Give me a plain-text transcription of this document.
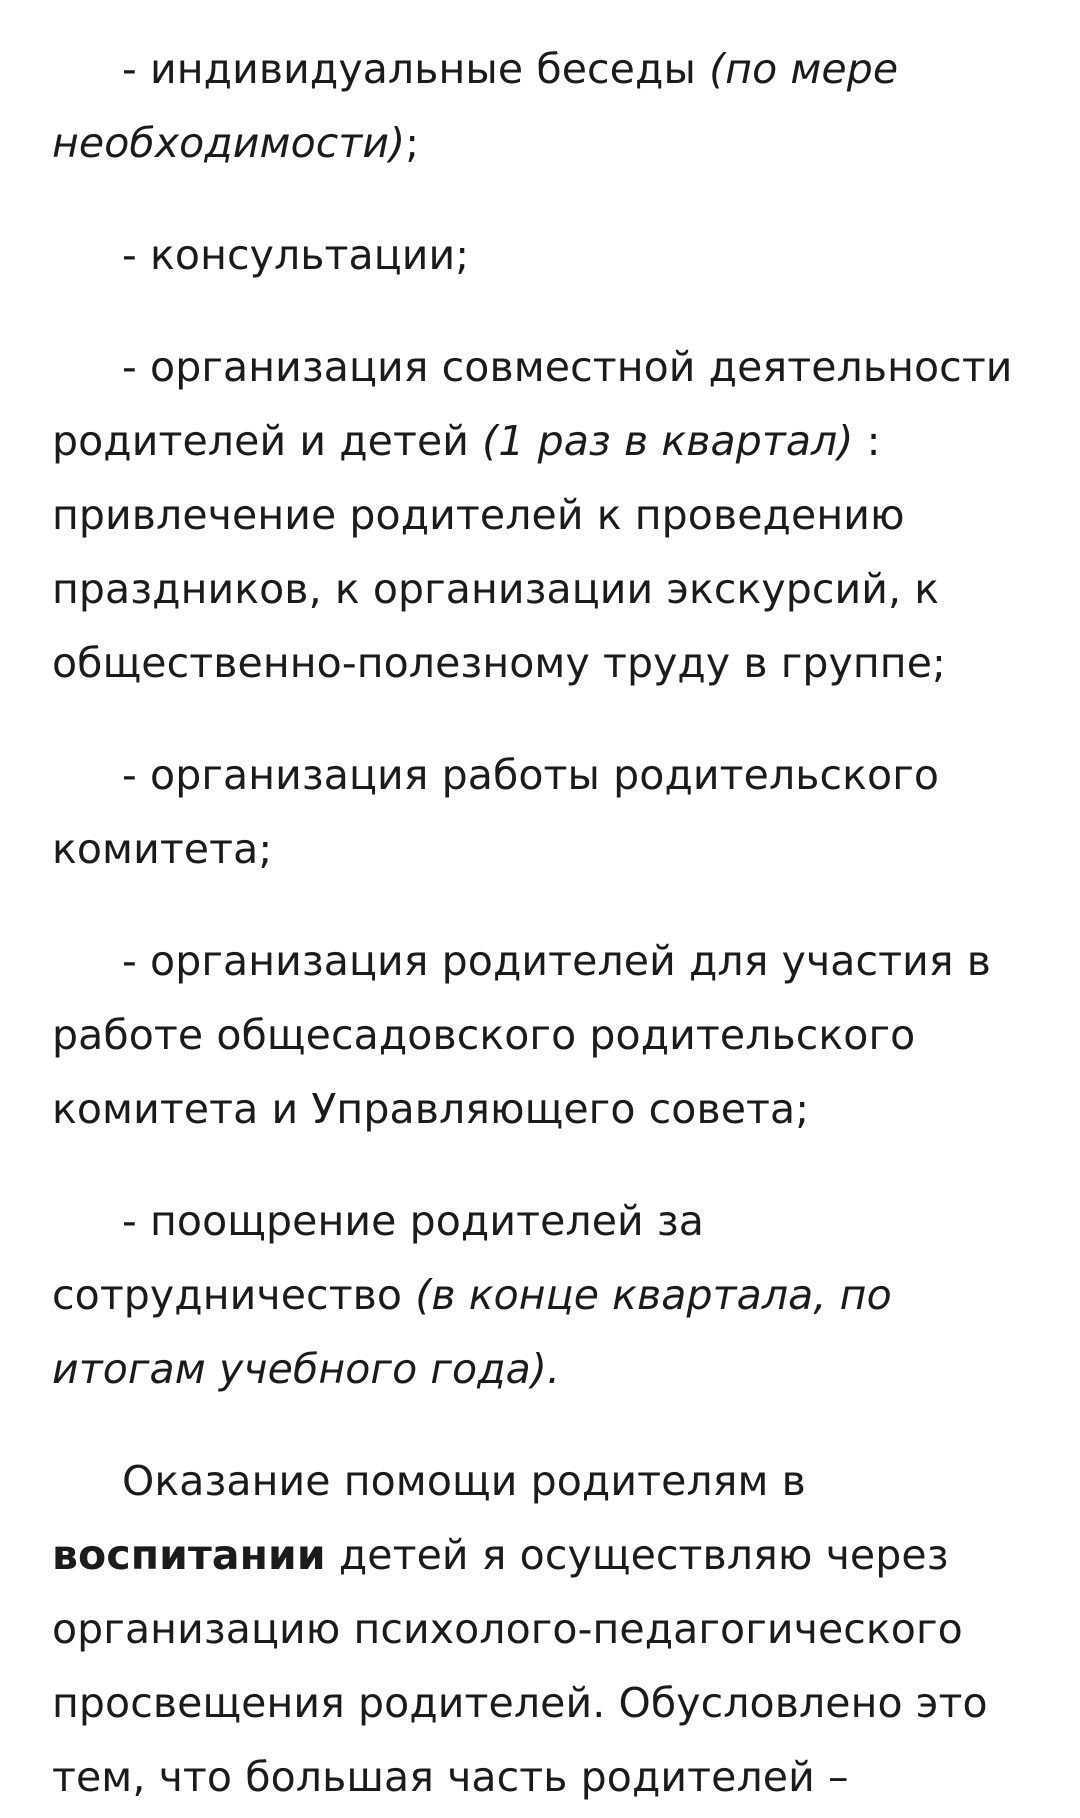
- индивидуальные беседы (по мере необходимости);

- консультации;

- организация совместной деятельности родителей и детей (1 раз в квартал) : привлечение родителей к проведению праздников, к организации экскурсий, к общественно-полезному труду в группе;

- организация работы родительского комитета;

- организация родителей для участия в работе общесадовского родительского комитета и Управляющего совета;

- поощрение родителей за сотрудничество (в конце квартала, по итогам учебного года).

Оказание помощи родителям в воспитании детей я осуществляю через организацию психолого-педагогического просвещения родителей. Обусловлено это тем, что большая часть родителей –
